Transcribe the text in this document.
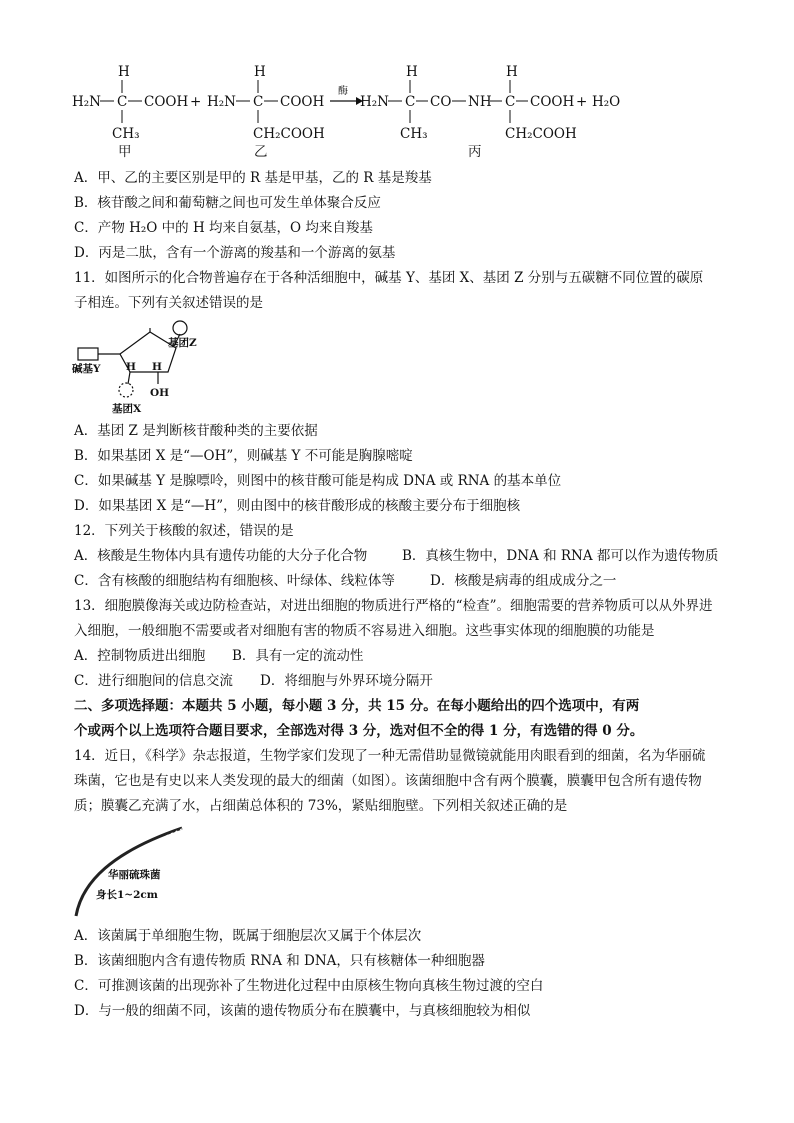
H
H₂N C COOH +
CH₃
甲
H
H₂N C COOH
CH₂COOH
乙
酶
H
H₂N C CO NH
H
C COOH + H₂O
CH₃	CH₂COOH
丙
A．甲、乙的主要区别是甲的 R 基是甲基，乙的 R 基是羧基
B．核苷酸之间和葡萄糖之间也可发生单体聚合反应
C．产物 H₂O 中的 H 均来自氨基，O 均来自羧基
D．丙是二肽，含有一个游离的羧基和一个游离的氨基
11．如图所示的化合物普遍存在于各种活细胞中，碱基 Y、基团 X、基团 Z 分别与五碳糖不同位置的碳原
子相连。下列有关叙述错误的是
基团Z
碱基Y H H
OH
基团X
A．基团 Z 是判断核苷酸种类的主要依据
B．如果基团 X 是“—OH”，则碱基 Y 不可能是胸腺嘧啶
C．如果碱基 Y 是腺嘌呤，则图中的核苷酸可能是构成 DNA 或 RNA 的基本单位
D．如果基团 X 是“—H”，则由图中的核苷酸形成的核酸主要分布于细胞核
12．下列关于核酸的叙述，错误的是
A．核酸是生物体内具有遗传功能的大分子化合物	B．真核生物中，DNA 和 RNA 都可以作为遗传物质
C．含有核酸的细胞结构有细胞核、叶绿体、线粒体等	D．核酸是病毒的组成成分之一
13．细胞膜像海关或边防检查站，对进出细胞的物质进行严格的“检查”。细胞需要的营养物质可以从外界进
入细胞，一般细胞不需要或者对细胞有害的物质不容易进入细胞。这些事实体现的细胞膜的功能是
A．控制物质进出细胞 B．具有一定的流动性
C．进行细胞间的信息交流 D．将细胞与外界环境分隔开
二、多项选择题：本题共 5 小题，每小题 3 分，共 15 分。在每小题给出的四个选项中，有两
个或两个以上选项符合题目要求，全部选对得 3 分，选对但不全的得 1 分，有选错的得 0 分。
14．近日，《科学》杂志报道，生物学家们发现了一种无需借助显微镜就能用肉眼看到的细菌，名为华丽硫
珠菌，它也是有史以来人类发现的最大的细菌（如图）。该菌细胞中含有两个膜囊，膜囊甲包含所有遗传物
质；膜囊乙充满了水，占细菌总体积的 73%，紧贴细胞壁。下列相关叙述正确的是
华丽硫珠菌
身长1~2cm
A．该菌属于单细胞生物，既属于细胞层次又属于个体层次
B．该菌细胞内含有遗传物质 RNA 和 DNA，只有核糖体一种细胞器
C．可推测该菌的出现弥补了生物进化过程中由原核生物向真核生物过渡的空白
D．与一般的细菌不同，该菌的遗传物质分布在膜囊中，与真核细胞较为相似
